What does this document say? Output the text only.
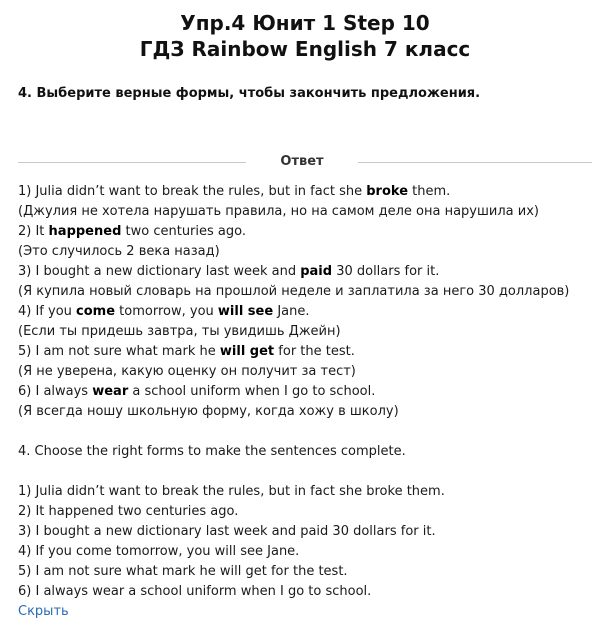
Упр.4 Юнит 1 Step 10
ГДЗ Rainbow English 7 класс
4. Выберите верные формы, чтобы закончить предложения.
Ответ
1) Julia didn’t want to break the rules, but in fact she broke them.
(Джулия не хотела нарушать правила, но на самом деле она нарушила их)
2) It happened two centuries ago.
(Это случилось 2 века назад)
3) I bought a new dictionary last week and paid 30 dollars for it.
(Я купила новый словарь на прошлой неделе и заплатила за него 30 долларов)
4) If you come tomorrow, you will see Jane.
(Если ты придешь завтра, ты увидишь Джейн)
5) I am not sure what mark he will get for the test.
(Я не уверена, какую оценку он получит за тест)
6) I always wear a school uniform when I go to school.
(Я всегда ношу школьную форму, когда хожу в школу)
4. Choose the right forms to make the sentences complete.
1) Julia didn’t want to break the rules, but in fact she broke them.
2) It happened two centuries ago.
3) I bought a new dictionary last week and paid 30 dollars for it.
4) If you come tomorrow, you will see Jane.
5) I am not sure what mark he will get for the test.
6) I always wear a school uniform when I go to school.
Скрыть
